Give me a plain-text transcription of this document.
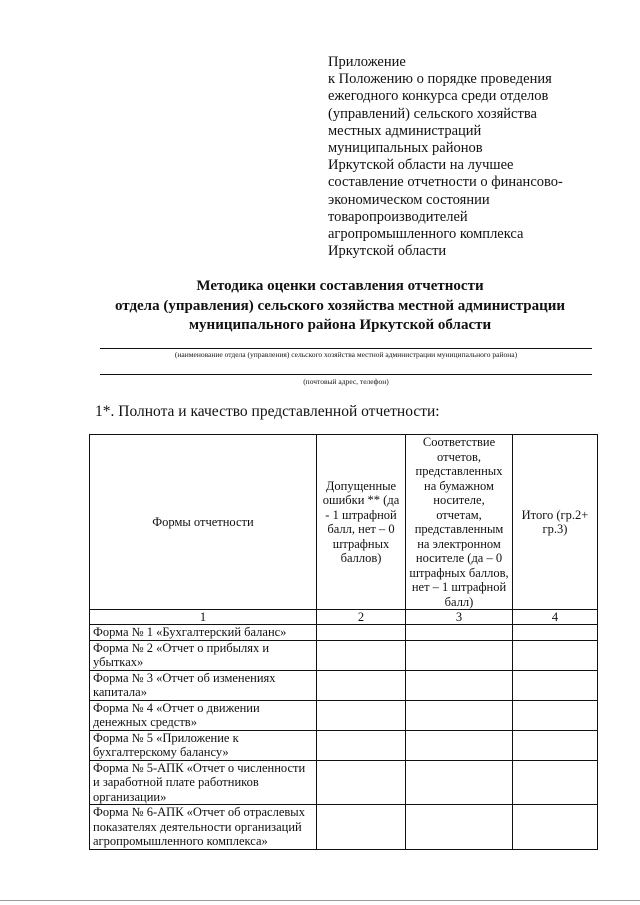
Приложение
к Положению о порядке проведения
ежегодного конкурса среди отделов
(управлений) сельского хозяйства
местных администраций
муниципальных районов
Иркутской области на лучшее
составление отчетности о финансово-
экономическом состоянии
товаропроизводителей
агропромышленного комплекса
Иркутской области
Методика оценки составления отчетности
отдела (управления) сельского хозяйства местной администрации
муниципального района Иркутской области
(наименование отдела (управления) сельского хозяйства местной администрации муниципального района)
(почтовый адрес, телефон)
1*. Полнота и качество представленной отчетности:
Формы отчетности	Допущенные ошибки ** (да - 1 штрафной балл, нет – 0 штрафных баллов)	Соответствие отчетов, представленных на бумажном носителе, отчетам, представленным на электронном носителе (да – 0 штрафных баллов, нет – 1 штрафной балл)	Итого (гр.2+ гр.3)
1	2	3	4
Форма № 1 «Бухгалтерский баланс»			
Форма № 2 «Отчет о прибылях и убытках»			
Форма № 3 «Отчет об изменениях капитала»			
Форма № 4 «Отчет о движении денежных средств»			
Форма № 5 «Приложение к бухгалтерскому балансу»			
Форма № 5-АПК «Отчет о численности и заработной плате работников организации»			
Форма № 6-АПК «Отчет об отраслевых показателях деятельности организаций агропромышленного комплекса»			
